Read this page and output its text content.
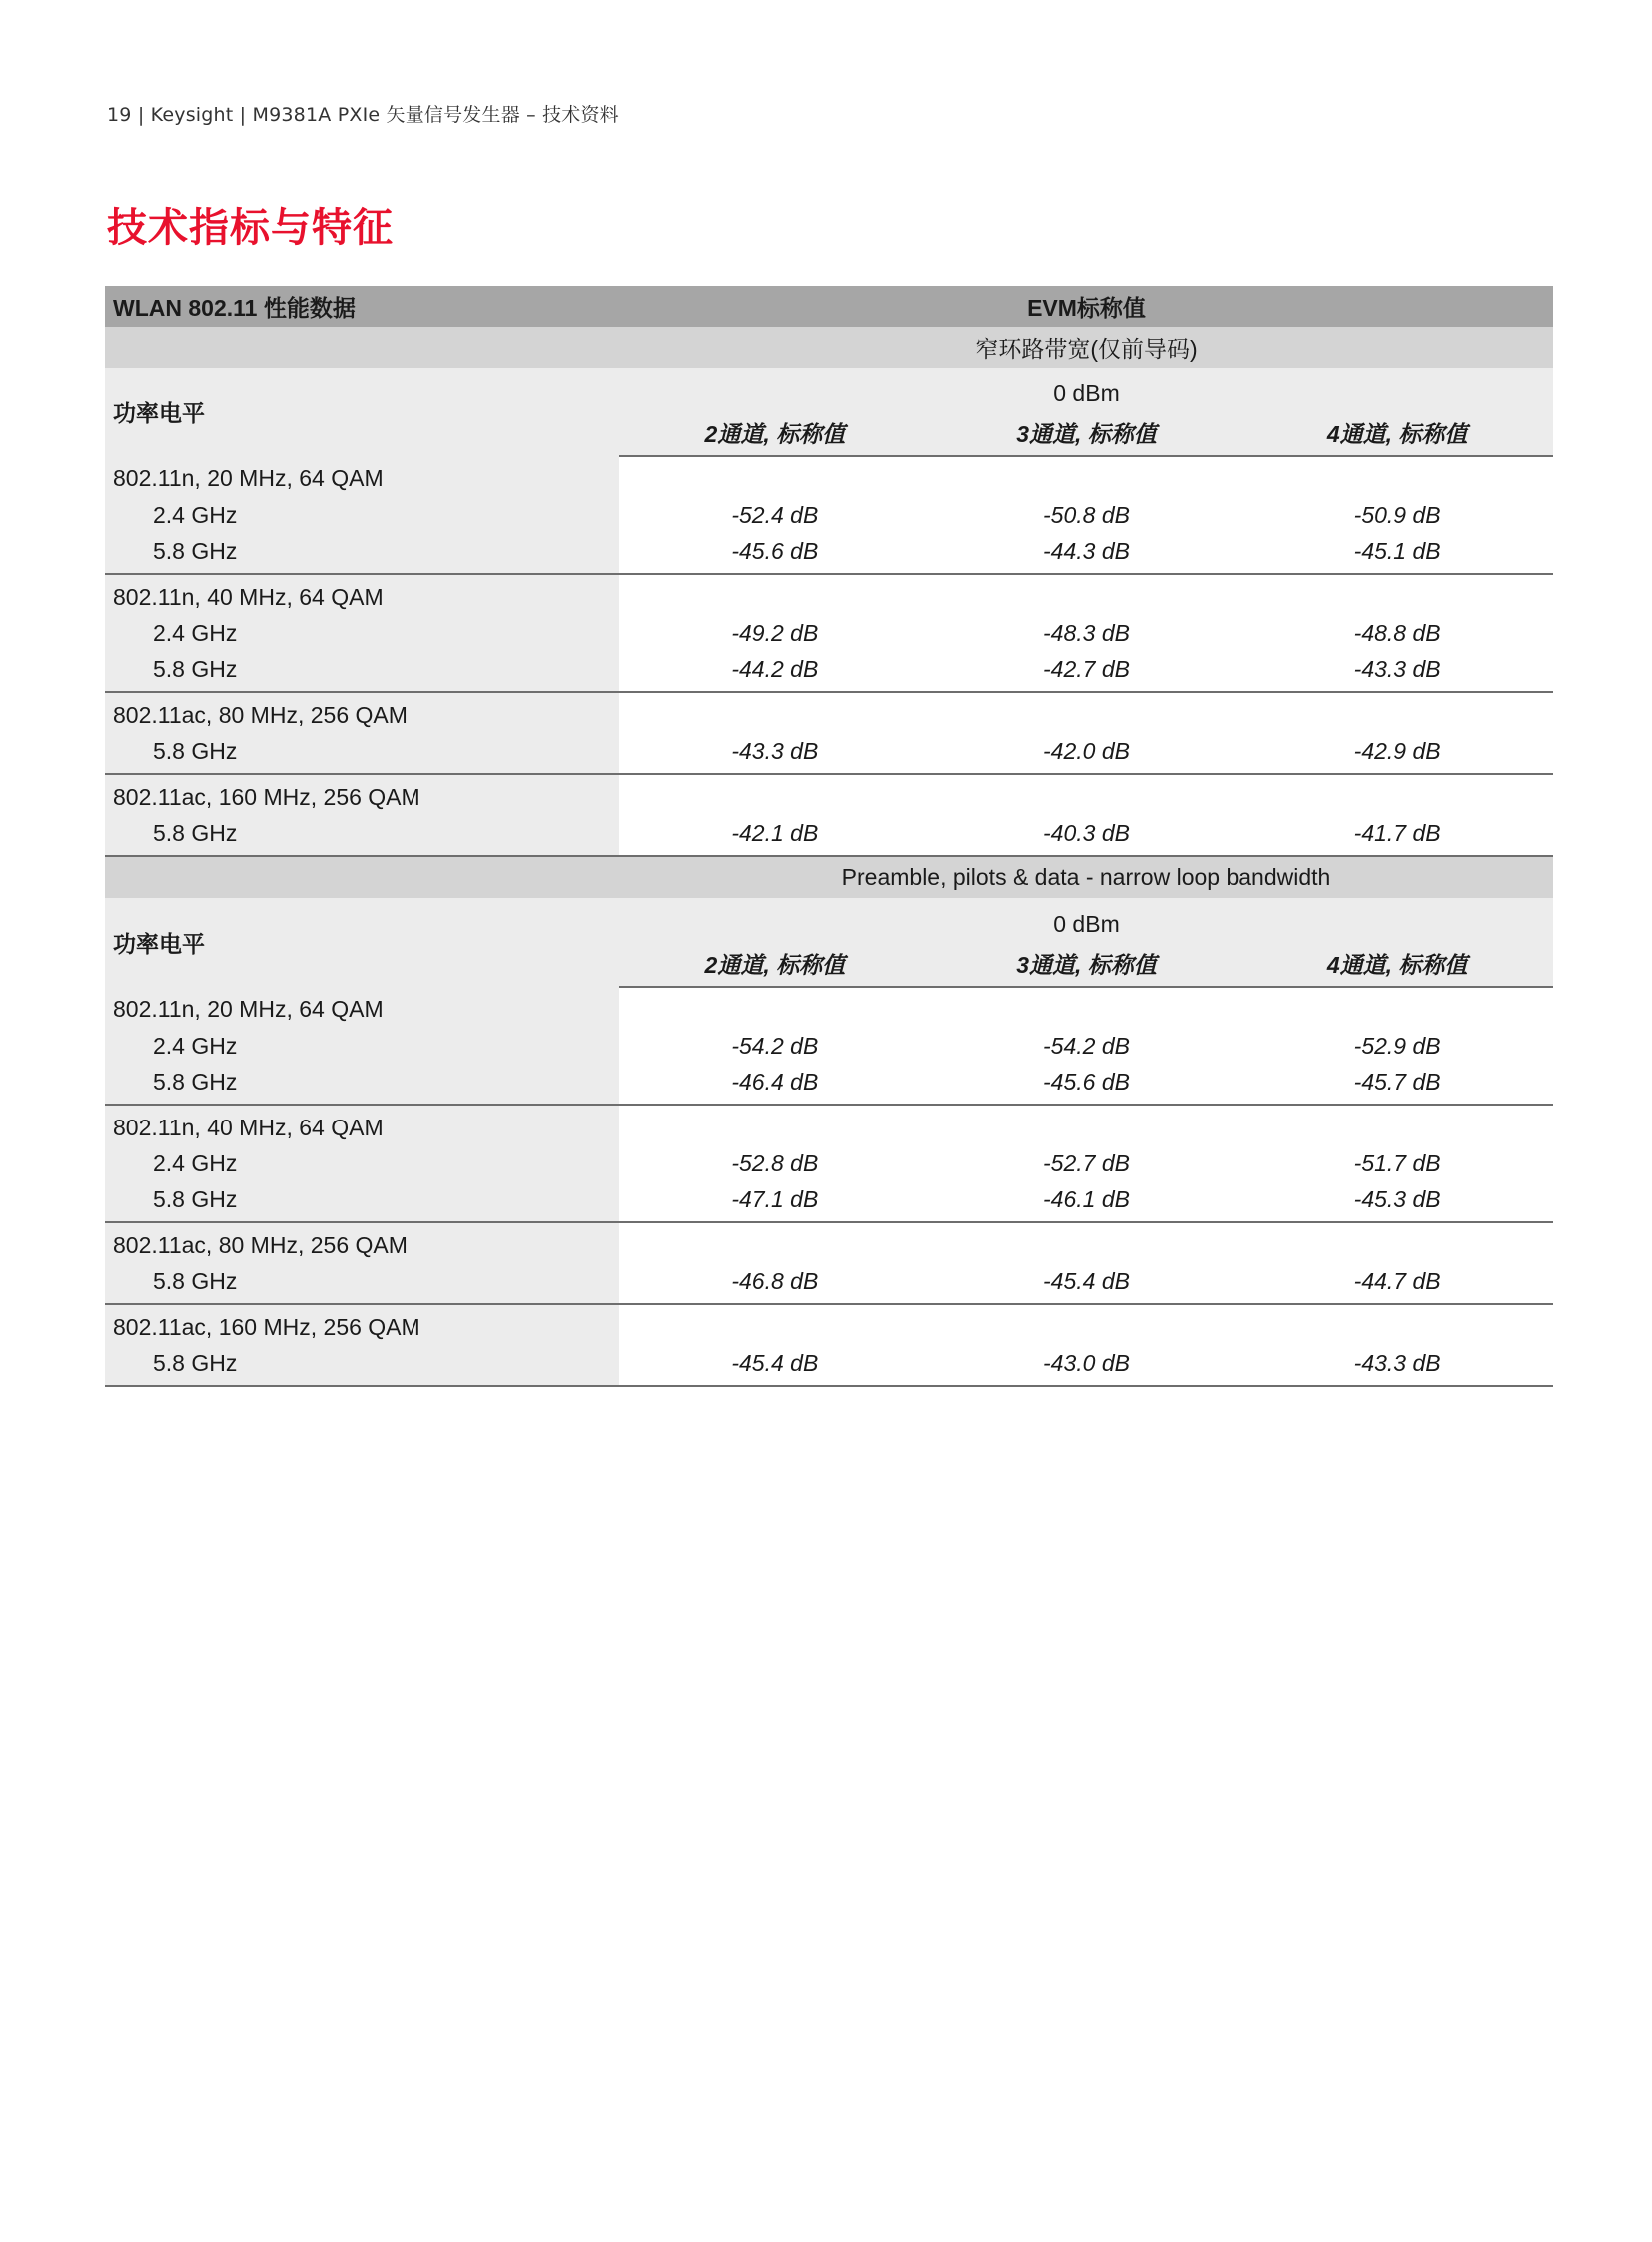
19 | Keysight | M9381A PXIe 矢量信号发生器 – 技术资料
技术指标与特征
WLAN 802.11 性能数据	EVM标称值		
	窄环路带宽(仅前导码)		
功率电平	0 dBm		
	2通道, 标称值	3通道, 标称值	4通道, 标称值
802.11n, 20 MHz, 64 QAM			
2.4 GHz	-52.4 dB	-50.8 dB	-50.9 dB
5.8 GHz	-45.6 dB	-44.3 dB	-45.1 dB
802.11n, 40 MHz, 64 QAM			
2.4 GHz	-49.2 dB	-48.3 dB	-48.8 dB
5.8 GHz	-44.2 dB	-42.7 dB	-43.3 dB
802.11ac, 80 MHz, 256 QAM			
5.8 GHz	-43.3 dB	-42.0 dB	-42.9 dB
802.11ac, 160 MHz, 256 QAM			
5.8 GHz	-42.1 dB	-40.3 dB	-41.7 dB
	Preamble, pilots & data - narrow loop bandwidth		
功率电平	0 dBm		
	2通道, 标称值	3通道, 标称值	4通道, 标称值
802.11n, 20 MHz, 64 QAM			
2.4 GHz	-54.2 dB	-54.2 dB	-52.9 dB
5.8 GHz	-46.4 dB	-45.6 dB	-45.7 dB
802.11n, 40 MHz, 64 QAM			
2.4 GHz	-52.8 dB	-52.7 dB	-51.7 dB
5.8 GHz	-47.1 dB	-46.1 dB	-45.3 dB
802.11ac, 80 MHz, 256 QAM			
5.8 GHz	-46.8 dB	-45.4 dB	-44.7 dB
802.11ac, 160 MHz, 256 QAM			
5.8 GHz	-45.4 dB	-43.0 dB	-43.3 dB
